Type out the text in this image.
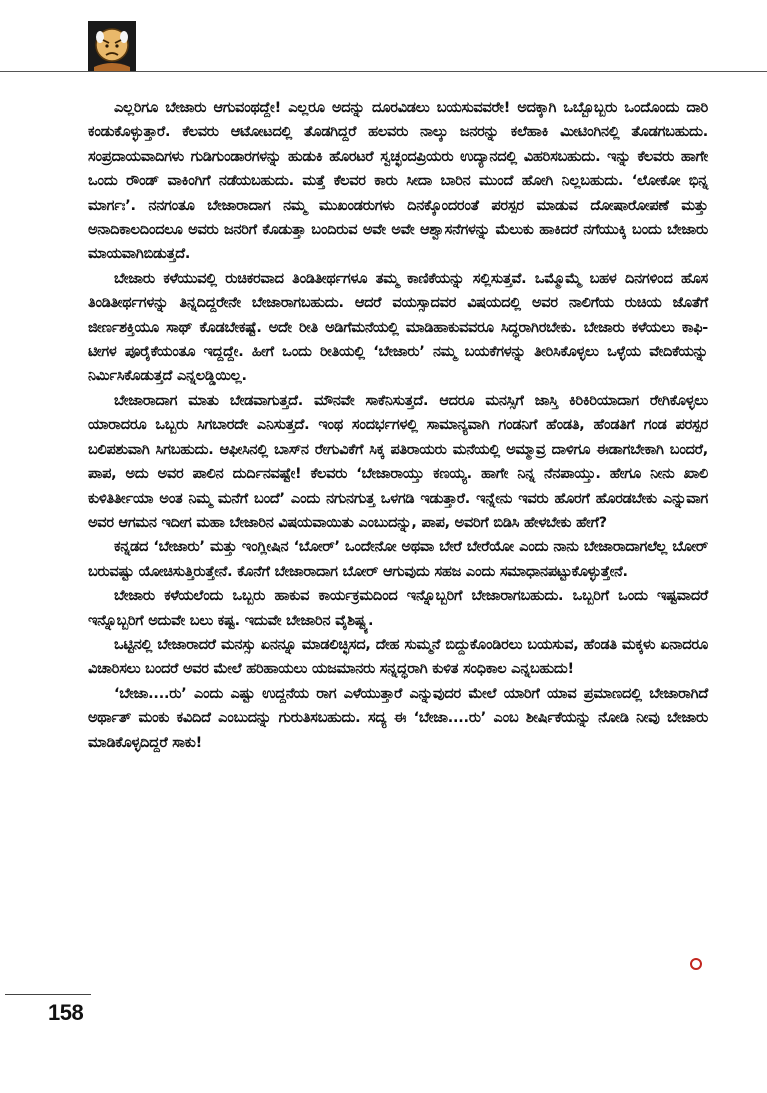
ಎಲ್ಲರಿಗೂ ಬೇಜಾರು ಆಗುವಂಥದ್ದೇ! ಎಲ್ಲರೂ ಅದನ್ನು ದೂರವಿಡಲು ಬಯಸುವವರೇ! ಅದಕ್ಕಾಗಿ ಒಬ್ಬೊಬ್ಬರು ಒಂದೊಂದು ದಾರಿ ಕಂಡುಕೊಳ್ಳುತ್ತಾರೆ. ಕೆಲವರು ಆಟೋಟದಲ್ಲಿ ತೊಡಗಿದ್ದರೆ ಹಲವರು ನಾಲ್ಕು ಜನರನ್ನು ಕಲೆಹಾಕಿ ಮೀಟಿಂಗಿನಲ್ಲಿ ತೊಡಗಬಹುದು. ಸಂಪ್ರದಾಯವಾದಿಗಳು ಗುಡಿಗುಂಡಾರಗಳನ್ನು ಹುಡುಕಿ ಹೊರಟರೆ ಸ್ವಚ್ಛಂದಪ್ರಿಯರು ಉದ್ಯಾನದಲ್ಲಿ ವಿಹರಿಸಬಹುದು. ಇನ್ನು ಕೆಲವರು ಹಾಗೇ ಒಂದು ರೌಂಡ್ ವಾಕಿಂಗಿಗೆ ನಡೆಯಬಹುದು. ಮತ್ತೆ ಕೆಲವರ ಕಾರು ಸೀದಾ ಬಾರಿನ ಮುಂದೆ ಹೋಗಿ ನಿಲ್ಲಬಹುದು. ‘ಲೋಕೋ ಭಿನ್ನ ಮಾರ್ಗಃ’. ನನಗಂತೂ ಬೇಜಾರಾದಾಗ ನಮ್ಮ ಮುಖಂಡರುಗಳು ದಿನಕ್ಕೊಂದರಂತೆ ಪರಸ್ಪರ ಮಾಡುವ ದೋಷಾರೋಪಣೆ ಮತ್ತು ಅನಾದಿಕಾಲದಿಂದಲೂ ಅವರು ಜನರಿಗೆ ಕೊಡುತ್ತಾ ಬಂದಿರುವ ಅವೇ ಅವೇ ಆಶ್ವಾಸನೆಗಳನ್ನು ಮೆಲುಕು ಹಾಕಿದರೆ ನಗೆಯುಕ್ಕಿ ಬಂದು ಬೇಜಾರು ಮಾಯವಾಗಿಬಿಡುತ್ತದೆ.

ಬೇಜಾರು ಕಳೆಯುವಲ್ಲಿ ರುಚಿಕರವಾದ ತಿಂಡಿತೀರ್ಥಗಳೂ ತಮ್ಮ ಕಾಣಿಕೆಯನ್ನು ಸಲ್ಲಿಸುತ್ತವೆ. ಒಮ್ಮೊಮ್ಮೆ ಬಹಳ ದಿನಗಳಿಂದ ಹೊಸ ತಿಂಡಿತೀರ್ಥಗಳನ್ನು ತಿನ್ನದಿದ್ದರೇನೇ ಬೇಜಾರಾಗಬಹುದು. ಆದರೆ ವಯಸ್ಸಾದವರ ವಿಷಯದಲ್ಲಿ ಅವರ ನಾಲಿಗೆಯ ರುಚಿಯ ಜೊತೆಗೆ ಜೀರ್ಣಶಕ್ತಿಯೂ ಸಾಥ್ ಕೊಡಬೇಕಷ್ಟೆ. ಅದೇ ರೀತಿ ಅಡಿಗೆಮನೆಯಲ್ಲಿ ಮಾಡಿಹಾಕುವವರೂ ಸಿದ್ಧರಾಗಿರಬೇಕು. ಬೇಜಾರು ಕಳೆಯಲು ಕಾಫಿ-ಟೀಗಳ ಪೂರೈಕೆಯಂತೂ ಇದ್ದದ್ದೇ. ಹೀಗೆ ಒಂದು ರೀತಿಯಲ್ಲಿ ‘ಬೇಜಾರು’ ನಮ್ಮ ಬಯಕೆಗಳನ್ನು ತೀರಿಸಿಕೊಳ್ಳಲು ಒಳ್ಳೆಯ ವೇದಿಕೆಯನ್ನು ನಿರ್ಮಿಸಿಕೊಡುತ್ತದೆ ಎನ್ನಲಡ್ಡಿಯಿಲ್ಲ.

ಬೇಜಾರಾದಾಗ ಮಾತು ಬೇಡವಾಗುತ್ತದೆ. ಮೌನವೇ ಸಾಕೆನಿಸುತ್ತದೆ. ಆದರೂ ಮನಸ್ಸಿಗೆ ಜಾಸ್ತಿ ಕಿರಿಕಿರಿಯಾದಾಗ ರೇಗಿಕೊಳ್ಳಲು ಯಾರಾದರೂ ಒಬ್ಬರು ಸಿಗಬಾರದೇ ಎನಿಸುತ್ತದೆ. ಇಂಥ ಸಂದರ್ಭಗಳಲ್ಲಿ ಸಾಮಾನ್ಯವಾಗಿ ಗಂಡನಿಗೆ ಹೆಂಡತಿ, ಹೆಂಡತಿಗೆ ಗಂಡ ಪರಸ್ಪರ ಬಲಿಪಶುವಾಗಿ ಸಿಗಬಹುದು. ಆಫೀಸಿನಲ್ಲಿ ಬಾಸ್‌ನ ರೇಗುವಿಕೆಗೆ ಸಿಕ್ಕ ಪತಿರಾಯರು ಮನೆಯಲ್ಲಿ ಅಮ್ಮಾವ್ರ ದಾಳಿಗೂ ಈಡಾಗಬೇಕಾಗಿ ಬಂದರೆ, ಪಾಪ, ಅದು ಅವರ ಪಾಲಿನ ದುರ್ದಿನವಷ್ಟೇ! ಕೆಲವರು ‘ಬೇಜಾರಾಯ್ತು ಕಣಯ್ಯ. ಹಾಗೇ ನಿನ್ನ ನೆನಪಾಯ್ತು. ಹೇಗೂ ನೀನು ಖಾಲಿ ಕುಳಿತಿರ್ತೀಯಾ ಅಂತ ನಿಮ್ಮ ಮನೆಗೆ ಬಂದೆ’ ಎಂದು ನಗುನಗುತ್ತ ಒಳಗಡಿ ಇಡುತ್ತಾರೆ. ಇನ್ನೇನು ಇವರು ಹೊರಗೆ ಹೊರಡಬೇಕು ಎನ್ನುವಾಗ ಅವರ ಆಗಮನ ಇದೀಗ ಮಹಾ ಬೇಜಾರಿನ ವಿಷಯವಾಯಿತು ಎಂಬುದನ್ನು, ಪಾಪ, ಅವರಿಗೆ ಬಿಡಿಸಿ ಹೇಳಬೇಕು ಹೇಗೆ?

ಕನ್ನಡದ ‘ಬೇಜಾರು’ ಮತ್ತು ಇಂಗ್ಲೀಷಿನ ‘ಬೋರ್’ ಒಂದೇನೋ ಅಥವಾ ಬೇರೆ ಬೇರೆಯೋ ಎಂದು ನಾನು ಬೇಜಾರಾದಾಗಲೆಲ್ಲ ಬೋರ್ ಬರುವಷ್ಟು ಯೋಚಿಸುತ್ತಿರುತ್ತೇನೆ. ಕೊನೆಗೆ ಬೇಜಾರಾದಾಗ ಬೋರ್ ಆಗುವುದು ಸಹಜ ಎಂದು ಸಮಾಧಾನಪಟ್ಟುಕೊಳ್ಳುತ್ತೇನೆ.

ಬೇಜಾರು ಕಳೆಯಲೆಂದು ಒಬ್ಬರು ಹಾಕುವ ಕಾರ್ಯಕ್ರಮದಿಂದ ಇನ್ನೊಬ್ಬರಿಗೆ ಬೇಜಾರಾಗಬಹುದು. ಒಬ್ಬರಿಗೆ ಒಂದು ಇಷ್ಟವಾದರೆ ಇನ್ನೊಬ್ಬರಿಗೆ ಅದುವೇ ಬಲು ಕಷ್ಟ. ಇದುವೇ ಬೇಜಾರಿನ ವೈಶಿಷ್ಟ್ಯ.

ಒಟ್ಟಿನಲ್ಲಿ ಬೇಜಾರಾದರೆ ಮನಸ್ಸು ಏನನ್ನೂ ಮಾಡಲಿಚ್ಛಿಸದ, ದೇಹ ಸುಮ್ಮನೆ ಬಿದ್ದುಕೊಂಡಿರಲು ಬಯಸುವ, ಹೆಂಡತಿ ಮಕ್ಕಳು ಏನಾದರೂ ವಿಚಾರಿಸಲು ಬಂದರೆ ಅವರ ಮೇಲೆ ಹರಿಹಾಯಲು ಯಜಮಾನರು ಸನ್ನದ್ಧರಾಗಿ ಕುಳಿತ ಸಂಧಿಕಾಲ ಎನ್ನಬಹುದು!

‘ಬೇಜಾ....ರು’ ಎಂದು ಎಷ್ಟು ಉದ್ದನೆಯ ರಾಗ ಎಳೆಯುತ್ತಾರೆ ಎನ್ನುವುದರ ಮೇಲೆ ಯಾರಿಗೆ ಯಾವ ಪ್ರಮಾಣದಲ್ಲಿ ಬೇಜಾರಾಗಿದೆ ಅರ್ಥಾತ್ ಮಂಕು ಕವಿದಿದೆ ಎಂಬುದನ್ನು ಗುರುತಿಸಬಹುದು. ಸದ್ಯ ಈ ‘ಬೇಜಾ....ರು’ ಎಂಬ ಶೀರ್ಷಿಕೆಯನ್ನು ನೋಡಿ ನೀವು ಬೇಜಾರು ಮಾಡಿಕೊಳ್ಳದಿದ್ದರೆ ಸಾಕು!

158
